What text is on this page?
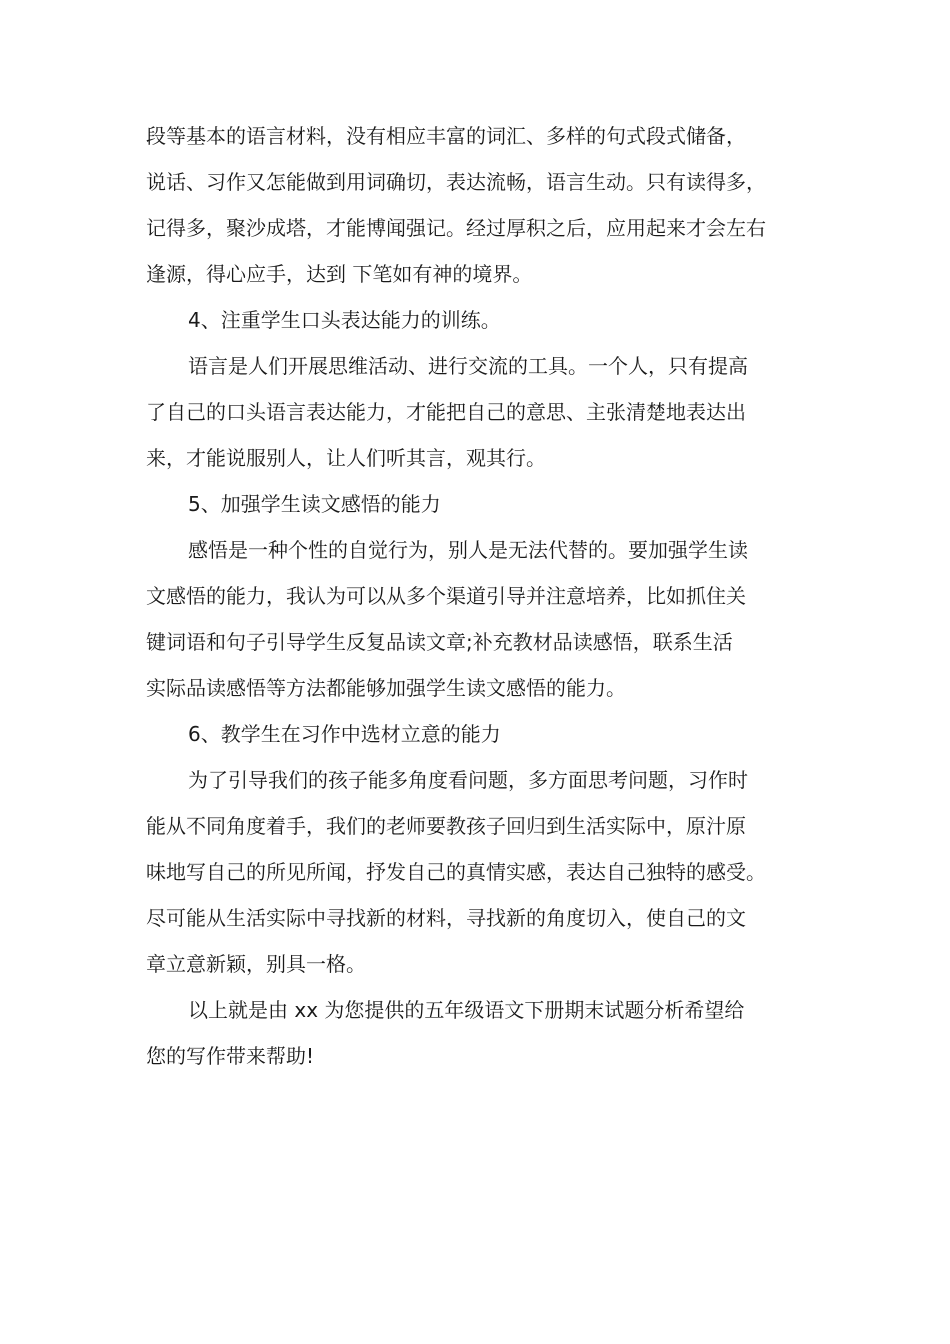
段等基本的语言材料，没有相应丰富的词汇、多样的句式段式储备，
说话、习作又怎能做到用词确切，表达流畅，语言生动。只有读得多，
记得多，聚沙成塔，才能博闻强记。经过厚积之后，应用起来才会左右
逢源，得心应手，达到 下笔如有神的境界。
4、注重学生口头表达能力的训练。
语言是人们开展思维活动、进行交流的工具。一个人，只有提高
了自己的口头语言表达能力，才能把自己的意思、主张清楚地表达出
来，才能说服别人，让人们听其言，观其行。
5、加强学生读文感悟的能力
感悟是一种个性的自觉行为，别人是无法代替的。要加强学生读
文感悟的能力，我认为可以从多个渠道引导并注意培养，比如抓住关
键词语和句子引导学生反复品读文章;补充教材品读感悟，联系生活
实际品读感悟等方法都能够加强学生读文感悟的能力。
6、教学生在习作中选材立意的能力
为了引导我们的孩子能多角度看问题，多方面思考问题，习作时
能从不同角度着手，我们的老师要教孩子回归到生活实际中，原汁原
味地写自己的所见所闻，抒发自己的真情实感，表达自己独特的感受。
尽可能从生活实际中寻找新的材料，寻找新的角度切入，使自己的文
章立意新颖，别具一格。
以上就是由 xx 为您提供的五年级语文下册期末试题分析希望给
您的写作带来帮助!
